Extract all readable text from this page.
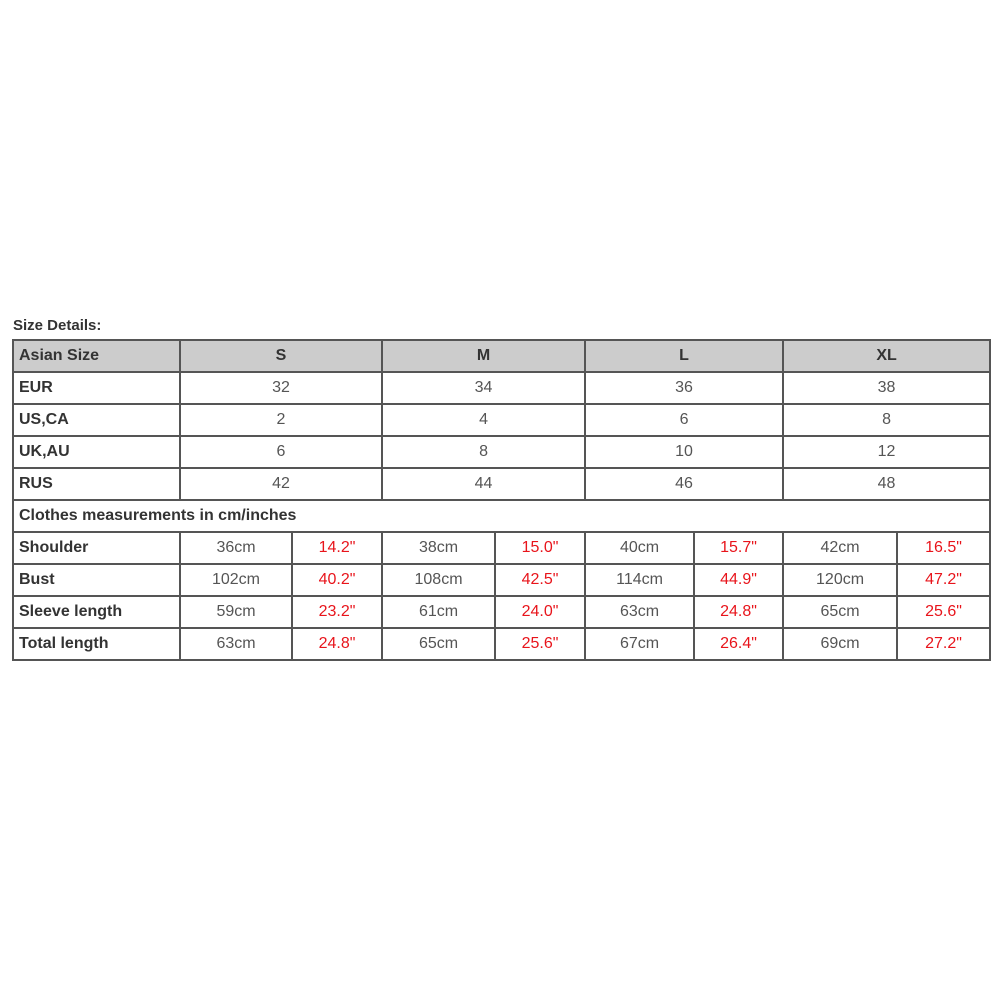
Size Details:
Asian Size	S		M		L		XL	
EUR	32		34		36		38	
US,CA	2		4		6		8	
UK,AU	6		8		10		12	
RUS	42		44		46		48	
Clothes measurements in cm/inches								
Shoulder	36cm	14.2"	38cm	15.0"	40cm	15.7"	42cm	16.5"
Bust	102cm	40.2"	108cm	42.5"	114cm	44.9"	120cm	47.2"
Sleeve length	59cm	23.2"	61cm	24.0"	63cm	24.8"	65cm	25.6"
Total length	63cm	24.8"	65cm	25.6"	67cm	26.4"	69cm	27.2"
